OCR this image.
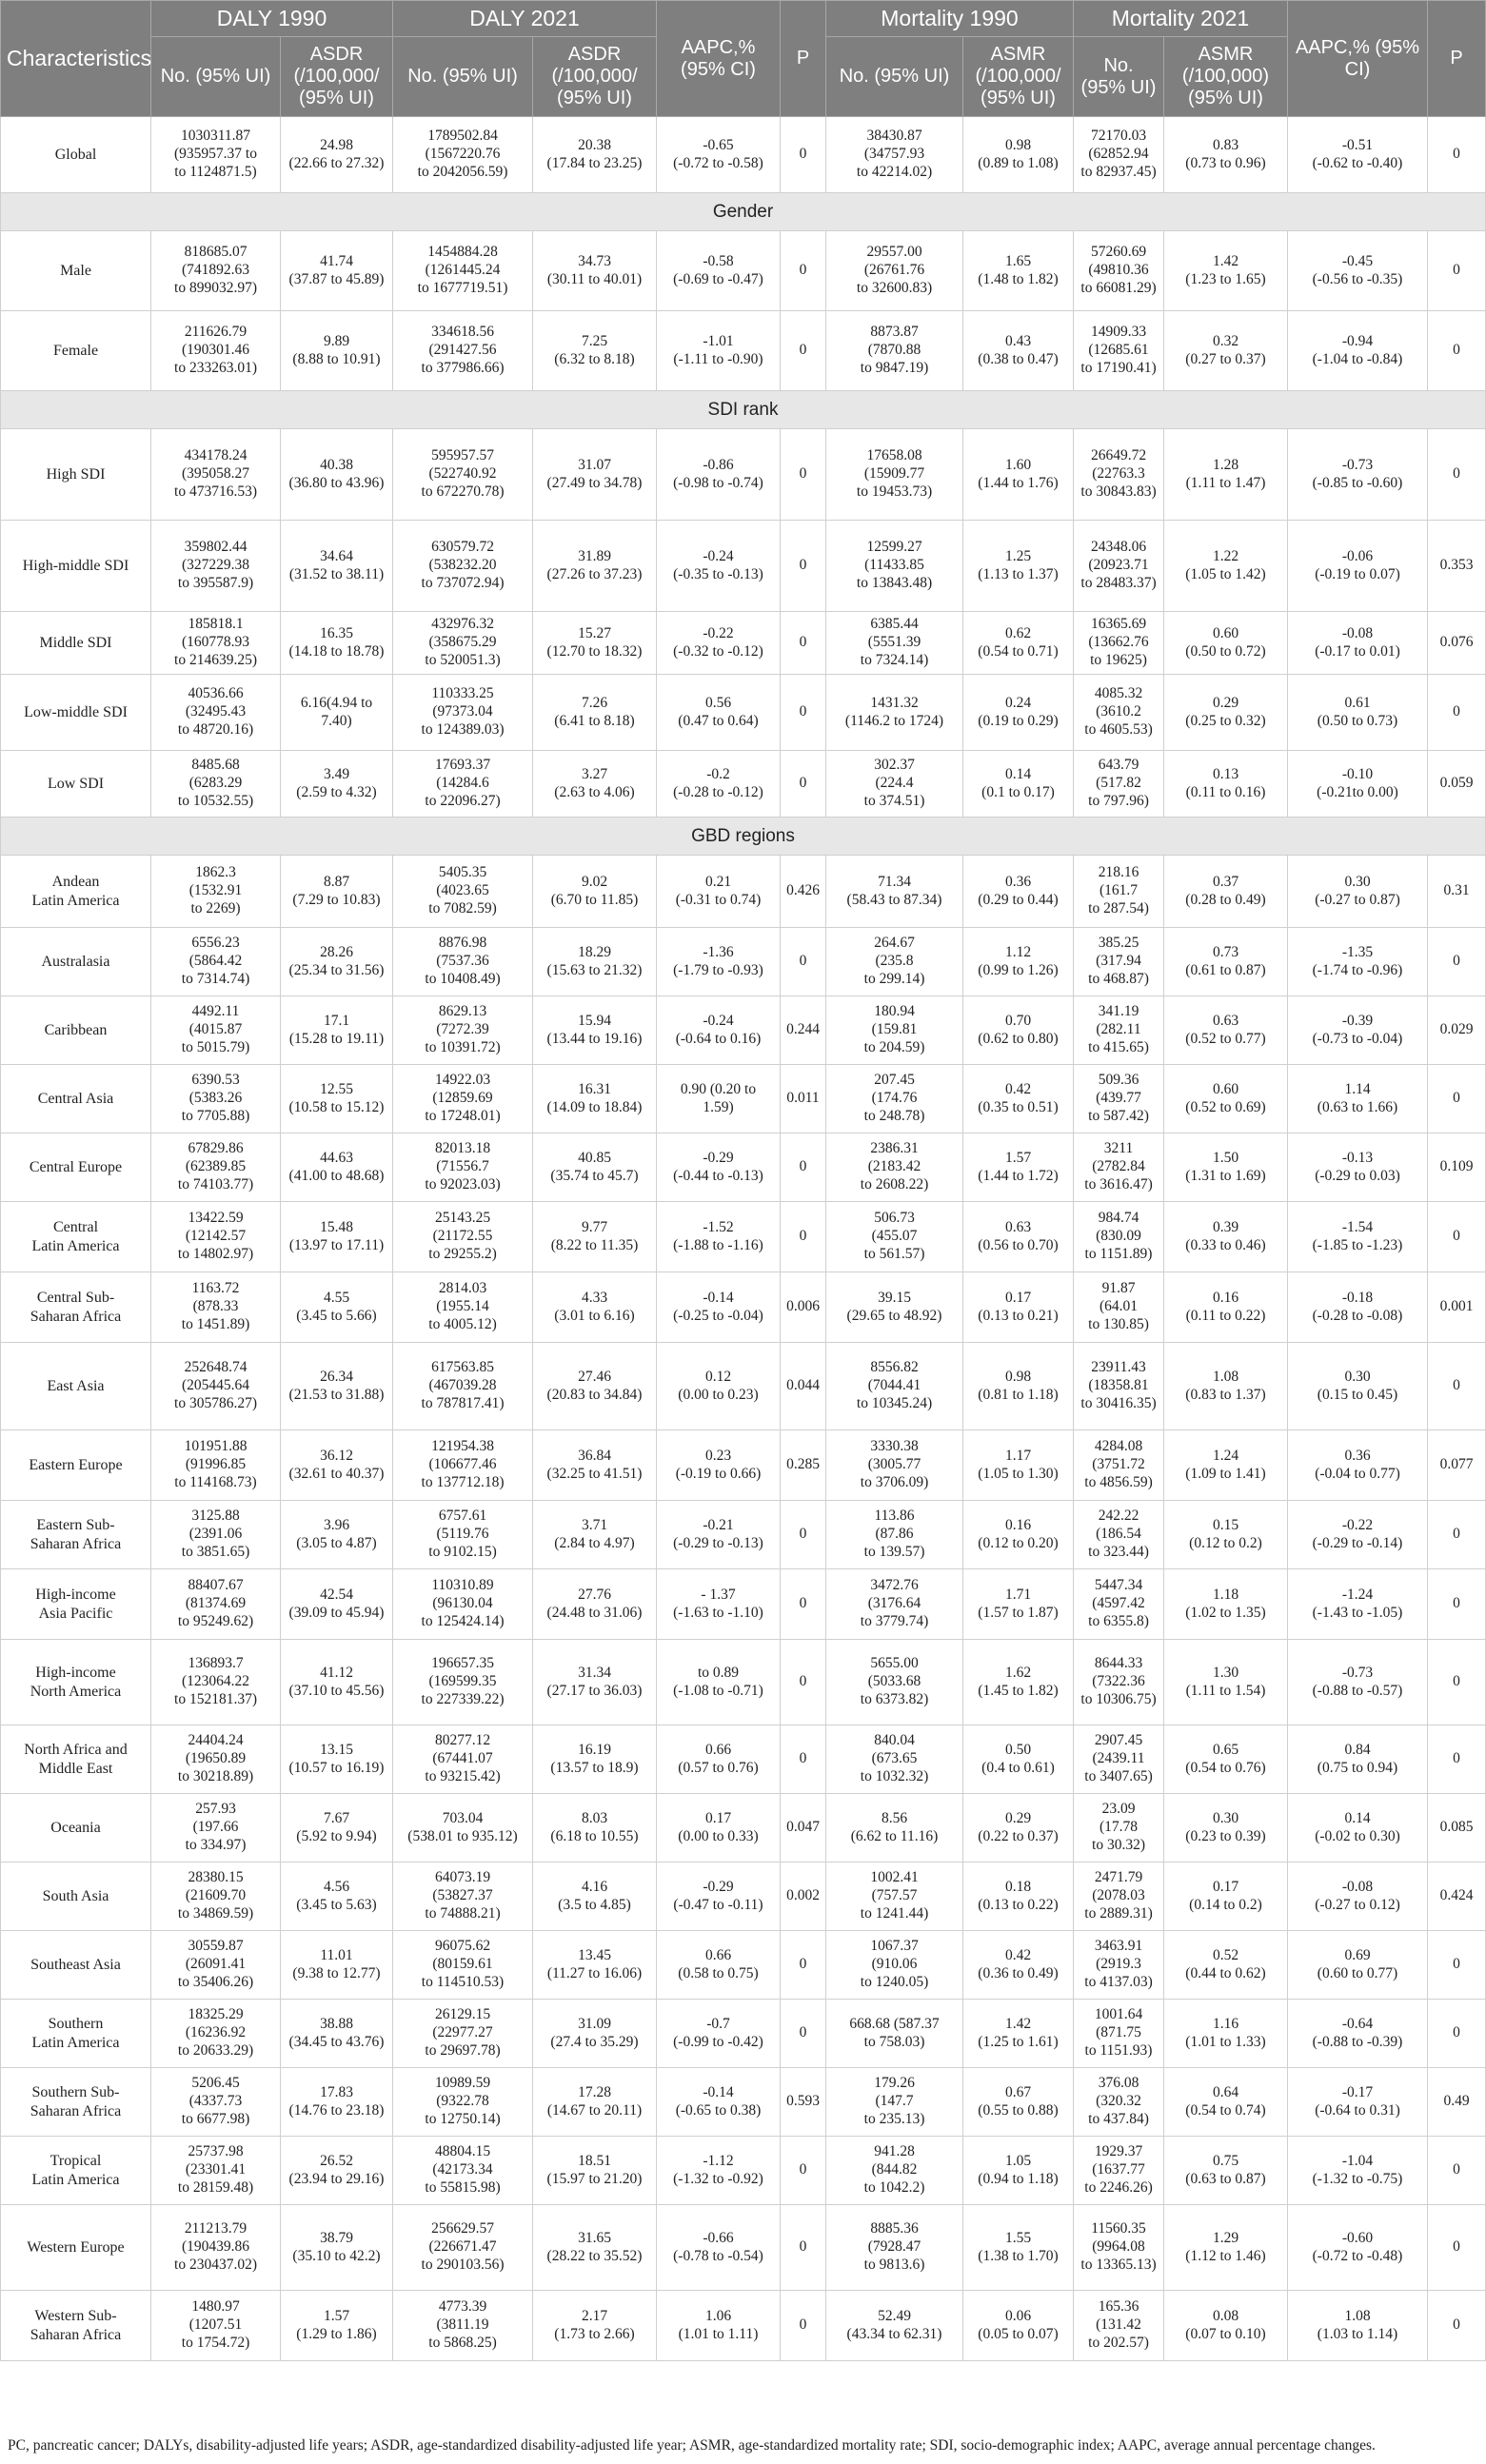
Characteristics	DALY 1990		DALY 2021		AAPC,% (95% CI)	P	Mortality 1990		Mortality 2021		AAPC,% (95% CI)	P
	No. (95% UI)	ASDR (/100,000/ (95% UI)	No. (95% UI)	ASDR (/100,000/ (95% UI)			No. (95% UI)	ASMR (/100,000/ (95% UI)	No. (95% UI)	ASMR (/100,000) (95% UI)		
Global	1030311.87
(935957.37 to
to 1124871.5)	24.98
(22.66 to 27.32)	1789502.84
(1567220.76
to 2042056.59)	20.38
(17.84 to 23.25)	-0.65
(-0.72 to -0.58)	0	38430.87
(34757.93
to 42214.02)	0.98
(0.89 to 1.08)	72170.03
(62852.94
to 82937.45)	0.83
(0.73 to 0.96)	-0.51
(-0.62 to -0.40)	0

Gender												
Male	818685.07
(741892.63
to 899032.97)	41.74
(37.87 to 45.89)	1454884.28
(1261445.24
to 1677719.51)	34.73
(30.11 to 40.01)	-0.58
(-0.69 to -0.47)	0	29557.00
(26761.76
to 32600.83)	1.65
(1.48 to 1.82)	57260.69
(49810.36
to 66081.29)	1.42
(1.23 to 1.65)	-0.45
(-0.56 to -0.35)	0

Female	211626.79
(190301.46
to 233263.01)	9.89
(8.88 to 10.91)	334618.56
(291427.56
to 377986.66)	7.25
(6.32 to 8.18)	-1.01
(-1.11 to -0.90)	0	8873.87
(7870.88
to 9847.19)	0.43
(0.38 to 0.47)	14909.33
(12685.61
to 17190.41)	0.32
(0.27 to 0.37)	-0.94
(-1.04 to -0.84)	0

SDI rank												
High SDI	434178.24
(395058.27
to 473716.53)	40.38
(36.80 to 43.96)	595957.57
(522740.92
to 672270.78)	31.07
(27.49 to 34.78)	-0.86
(-0.98 to -0.74)	0	17658.08
(15909.77
to 19453.73)	1.60
(1.44 to 1.76)	26649.72
(22763.3
to 30843.83)	1.28
(1.11 to 1.47)	-0.73
(-0.85 to -0.60)	0

High-middle SDI	359802.44
(327229.38
to 395587.9)	34.64
(31.52 to 38.11)	630579.72
(538232.20
to 737072.94)	31.89
(27.26 to 37.23)	-0.24
(-0.35 to -0.13)	0	12599.27
(11433.85
to 13843.48)	1.25
(1.13 to 1.37)	24348.06
(20923.71
to 28483.37)	1.22
(1.05 to 1.42)	-0.06
(-0.19 to 0.07)	0.353

Middle SDI	185818.1
(160778.93
to 214639.25)	16.35
(14.18 to 18.78)	432976.32
(358675.29
to 520051.3)	15.27
(12.70 to 18.32)	-0.22
(-0.32 to -0.12)	0	6385.44
(5551.39
to 7324.14)	0.62
(0.54 to 0.71)	16365.69
(13662.76
to 19625)	0.60
(0.50 to 0.72)	-0.08
(-0.17 to 0.01)	0.076

Low-middle SDI	40536.66
(32495.43
to 48720.16)	6.16(4.94 to 7.40)	110333.25
(97373.04
to 124389.03)	7.26
(6.41 to 8.18)	0.56
(0.47 to 0.64)	0	1431.32
(1146.2 to 1724)	0.24
(0.19 to 0.29)	4085.32
(3610.2
to 4605.53)	0.29
(0.25 to 0.32)	0.61
(0.50 to 0.73)	0

Low SDI	8485.68
(6283.29
to 10532.55)	3.49
(2.59 to 4.32)	17693.37
(14284.6
to 22096.27)	3.27
(2.63 to 4.06)	-0.2
(-0.28 to -0.12)	0	302.37
(224.4
to 374.51)	0.14
(0.1 to 0.17)	643.79
(517.82
to 797.96)	0.13
(0.11 to 0.16)	-0.10
(-0.21to 0.00)	0.059

GBD regions												
Andean
Latin America	1862.3
(1532.91
to 2269)	8.87
(7.29 to 10.83)	5405.35
(4023.65
to 7082.59)	9.02
(6.70 to 11.85)	0.21
(-0.31 to 0.74)	0.426	71.34
(58.43 to 87.34)	0.36
(0.29 to 0.44)	218.16
(161.7
to 287.54)	0.37
(0.28 to 0.49)	0.30
(-0.27 to 0.87)	0.31

Australasia	6556.23
(5864.42
to 7314.74)	28.26
(25.34 to 31.56)	8876.98
(7537.36
to 10408.49)	18.29
(15.63 to 21.32)	-1.36
(-1.79 to -0.93)	0	264.67
(235.8
to 299.14)	1.12
(0.99 to 1.26)	385.25
(317.94
to 468.87)	0.73
(0.61 to 0.87)	-1.35
(-1.74 to -0.96)	0

Caribbean	4492.11
(4015.87
to 5015.79)	17.1
(15.28 to 19.11)	8629.13
(7272.39
to 10391.72)	15.94
(13.44 to 19.16)	-0.24
(-0.64 to 0.16)	0.244	180.94
(159.81
to 204.59)	0.70
(0.62 to 0.80)	341.19
(282.11
to 415.65)	0.63
(0.52 to 0.77)	-0.39
(-0.73 to -0.04)	0.029

Central Asia	6390.53
(5383.26
to 7705.88)	12.55
(10.58 to 15.12)	14922.03
(12859.69
to 17248.01)	16.31
(14.09 to 18.84)	0.90 (0.20 to
1.59)	0.011	207.45
(174.76
to 248.78)	0.42
(0.35 to 0.51)	509.36
(439.77
to 587.42)	0.60
(0.52 to 0.69)	1.14
(0.63 to 1.66)	0

Central Europe	67829.86
(62389.85
to 74103.77)	44.63
(41.00 to 48.68)	82013.18
(71556.7
to 92023.03)	40.85
(35.74 to 45.7)	-0.29
(-0.44 to -0.13)	0	2386.31
(2183.42
to 2608.22)	1.57
(1.44 to 1.72)	3211
(2782.84
to 3616.47)	1.50
(1.31 to 1.69)	-0.13
(-0.29 to 0.03)	0.109

Central
Latin America	13422.59
(12142.57
to 14802.97)	15.48
(13.97 to 17.11)	25143.25
(21172.55
to 29255.2)	9.77
(8.22 to 11.35)	-1.52
(-1.88 to -1.16)	0	506.73
(455.07
to 561.57)	0.63
(0.56 to 0.70)	984.74
(830.09
to 1151.89)	0.39
(0.33 to 0.46)	-1.54
(-1.85 to -1.23)	0

Central Sub-
Saharan Africa	1163.72
(878.33
to 1451.89)	4.55
(3.45 to 5.66)	2814.03
(1955.14
to 4005.12)	4.33
(3.01 to 6.16)	-0.14
(-0.25 to -0.04)	0.006	39.15
(29.65 to 48.92)	0.17
(0.13 to 0.21)	91.87
(64.01
to 130.85)	0.16
(0.11 to 0.22)	-0.18
(-0.28 to -0.08)	0.001

East Asia	252648.74
(205445.64
to 305786.27)	26.34
(21.53 to 31.88)	617563.85
(467039.28
to 787817.41)	27.46
(20.83 to 34.84)	0.12
(0.00 to 0.23)	0.044	8556.82
(7044.41
to 10345.24)	0.98
(0.81 to 1.18)	23911.43
(18358.81
to 30416.35)	1.08
(0.83 to 1.37)	0.30
(0.15 to 0.45)	0

Eastern Europe	101951.88
(91996.85
to 114168.73)	36.12
(32.61 to 40.37)	121954.38
(106677.46
to 137712.18)	36.84
(32.25 to 41.51)	0.23
(-0.19 to 0.66)	0.285	3330.38
(3005.77
to 3706.09)	1.17
(1.05 to 1.30)	4284.08
(3751.72
to 4856.59)	1.24
(1.09 to 1.41)	0.36
(-0.04 to 0.77)	0.077

Eastern Sub-
Saharan Africa	3125.88
(2391.06
to 3851.65)	3.96
(3.05 to 4.87)	6757.61
(5119.76
to 9102.15)	3.71
(2.84 to 4.97)	-0.21
(-0.29 to -0.13)	0	113.86
(87.86
to 139.57)	0.16
(0.12 to 0.20)	242.22
(186.54
to 323.44)	0.15
(0.12 to 0.2)	-0.22
(-0.29 to -0.14)	0

High-income
Asia Pacific	88407.67
(81374.69
to 95249.62)	42.54
(39.09 to 45.94)	110310.89
(96130.04
to 125424.14)	27.76
(24.48 to 31.06)	- 1.37
(-1.63 to -1.10)	0	3472.76
(3176.64
to 3779.74)	1.71
(1.57 to 1.87)	5447.34
(4597.42
to 6355.8)	1.18
(1.02 to 1.35)	-1.24
(-1.43 to -1.05)	0

High-income
North America	136893.7
(123064.22
to 152181.37)	41.12
(37.10 to 45.56)	196657.35
(169599.35
to 227339.22)	31.34
(27.17 to 36.03)	to 0.89
(-1.08 to -0.71)	0	5655.00
(5033.68
to 6373.82)	1.62
(1.45 to 1.82)	8644.33
(7322.36
to 10306.75)	1.30
(1.11 to 1.54)	-0.73
(-0.88 to -0.57)	0

North Africa and
Middle East	24404.24
(19650.89
to 30218.89)	13.15
(10.57 to 16.19)	80277.12
(67441.07
to 93215.42)	16.19
(13.57 to 18.9)	0.66
(0.57 to 0.76)	0	840.04
(673.65
to 1032.32)	0.50
(0.4 to 0.61)	2907.45
(2439.11
to 3407.65)	0.65
(0.54 to 0.76)	0.84
(0.75 to 0.94)	0

Oceania	257.93
(197.66
to 334.97)	7.67
(5.92 to 9.94)	703.04
(538.01 to 935.12)	8.03
(6.18 to 10.55)	0.17
(0.00 to 0.33)	0.047	8.56
(6.62 to 11.16)	0.29
(0.22 to 0.37)	23.09
(17.78
to 30.32)	0.30
(0.23 to 0.39)	0.14
(-0.02 to 0.30)	0.085

South Asia	28380.15
(21609.70
to 34869.59)	4.56
(3.45 to 5.63)	64073.19
(53827.37
to 74888.21)	4.16
(3.5 to 4.85)	-0.29
(-0.47 to -0.11)	0.002	1002.41
(757.57
to 1241.44)	0.18
(0.13 to 0.22)	2471.79
(2078.03
to 2889.31)	0.17
(0.14 to 0.2)	-0.08
(-0.27 to 0.12)	0.424

Southeast Asia	30559.87
(26091.41
to 35406.26)	11.01
(9.38 to 12.77)	96075.62
(80159.61
to 114510.53)	13.45
(11.27 to 16.06)	0.66
(0.58 to 0.75)	0	1067.37
(910.06
to 1240.05)	0.42
(0.36 to 0.49)	3463.91
(2919.3
to 4137.03)	0.52
(0.44 to 0.62)	0.69
(0.60 to 0.77)	0

Southern
Latin America	18325.29
(16236.92
to 20633.29)	38.88
(34.45 to 43.76)	26129.15
(22977.27
to 29697.78)	31.09
(27.4 to 35.29)	-0.7
(-0.99 to -0.42)	0	668.68 (587.37
to 758.03)	1.42
(1.25 to 1.61)	1001.64
(871.75
to 1151.93)	1.16
(1.01 to 1.33)	-0.64
(-0.88 to -0.39)	0

Southern Sub-
Saharan Africa	5206.45
(4337.73
to 6677.98)	17.83
(14.76 to 23.18)	10989.59
(9322.78
to 12750.14)	17.28
(14.67 to 20.11)	-0.14
(-0.65 to 0.38)	0.593	179.26
(147.7
to 235.13)	0.67
(0.55 to 0.88)	376.08
(320.32
to 437.84)	0.64
(0.54 to 0.74)	-0.17
(-0.64 to 0.31)	0.49

Tropical
Latin America	25737.98
(23301.41
to 28159.48)	26.52
(23.94 to 29.16)	48804.15
(42173.34
to 55815.98)	18.51
(15.97 to 21.20)	-1.12
(-1.32 to -0.92)	0	941.28
(844.82
to 1042.2)	1.05
(0.94 to 1.18)	1929.37
(1637.77
to 2246.26)	0.75
(0.63 to 0.87)	-1.04
(-1.32 to -0.75)	0

Western Europe	211213.79
(190439.86
to 230437.02)	38.79
(35.10 to 42.2)	256629.57
(226671.47
to 290103.56)	31.65
(28.22 to 35.52)	-0.66
(-0.78 to -0.54)	0	8885.36
(7928.47
to 9813.6)	1.55
(1.38 to 1.70)	11560.35
(9964.08
to 13365.13)	1.29
(1.12 to 1.46)	-0.60
(-0.72 to -0.48)	0

Western Sub-
Saharan Africa	1480.97
(1207.51
to 1754.72)	1.57
(1.29 to 1.86)	4773.39
(3811.19
to 5868.25)	2.17
(1.73 to 2.66)	1.06
(1.01 to 1.11)	0	52.49
(43.34 to 62.31)	0.06
(0.05 to 0.07)	165.36
(131.42
to 202.57)	0.08
(0.07 to 0.10)	1.08
(1.03 to 1.14)	0
PC, pancreatic cancer; DALYs, disability-adjusted life years; ASDR, age-standardized disability-adjusted life year; ASMR, age-standardized mortality rate; SDI, socio-demographic index; AAPC, average annual percentage changes.
